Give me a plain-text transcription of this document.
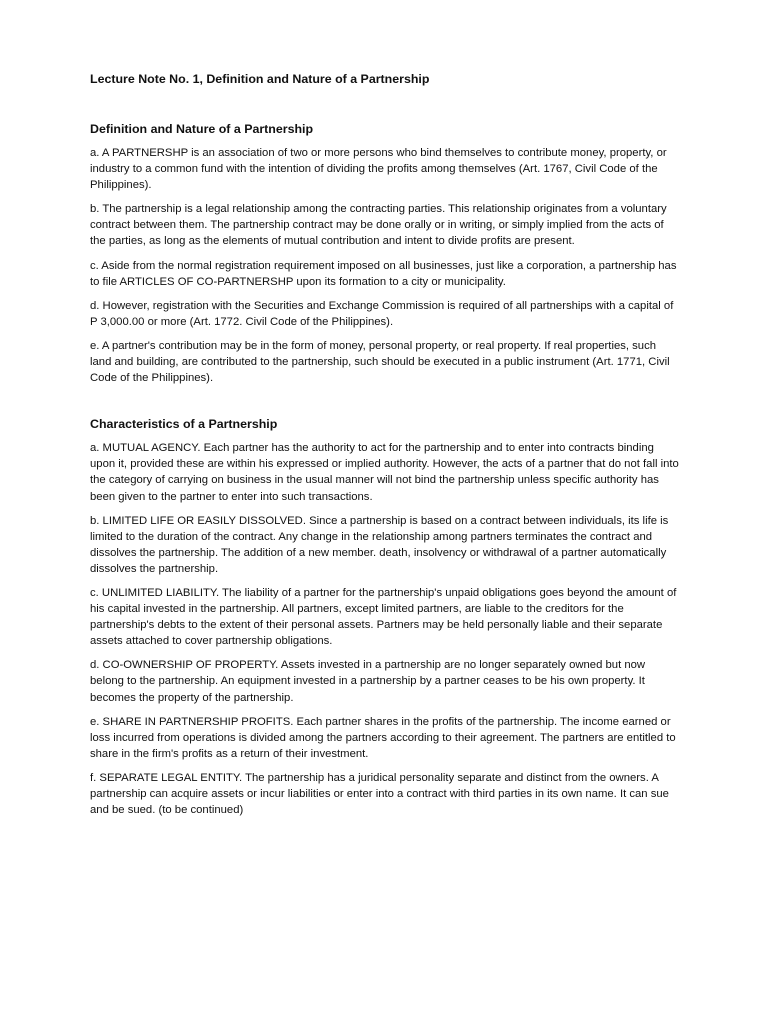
Lecture Note No. 1, Definition and Nature of a Partnership
Definition and Nature of a Partnership

a. A PARTNERSHP is an association of two or more persons who bind themselves to contribute money, property, or industry to a common fund with the intention of dividing the profits among themselves (Art. 1767, Civil Code of the Philippines).

b. The partnership is a legal relationship among the contracting parties. This relationship originates from a voluntary contract between them. The partnership contract may be done orally or in writing, or simply implied from the acts of the parties, as long as the elements of mutual contribution and intent to divide profits are present.

c. Aside from the normal registration requirement imposed on all businesses, just like a corporation, a partnership has to file ARTICLES OF CO-PARTNERSHP upon its formation to a city or municipality.

d. However, registration with the Securities and Exchange Commission is required of all partnerships with a capital of P 3,000.00 or more (Art. 1772. Civil Code of the Philippines).

e. A partner's contribution may be in the form of money, personal property, or real property. If real properties, such land and building, are contributed to the partnership, such should be executed in a public instrument (Art. 1771, Civil Code of the Philippines).

Characteristics of a Partnership

a. MUTUAL AGENCY. Each partner has the authority to act for the partnership and to enter into contracts binding upon it, provided these are within his expressed or implied authority. However, the acts of a partner that do not fall into the category of carrying on business in the usual manner will not bind the partnership unless specific authority has been given to the partner to enter into such transactions.

b. LIMITED LIFE OR EASILY DISSOLVED. Since a partnership is based on a contract between individuals, its life is limited to the duration of the contract. Any change in the relationship among partners terminates the contract and dissolves the partnership. The addition of a new member. death, insolvency or withdrawal of a partner automatically dissolves the partnership.

c. UNLIMITED LIABILITY. The liability of a partner for the partnership's unpaid obligations goes beyond the amount of his capital invested in the partnership. All partners, except limited partners, are liable to the creditors for the partnership's debts to the extent of their personal assets. Partners may be held personally liable and their separate assets attached to cover partnership obligations.

d. CO-OWNERSHIP OF PROPERTY. Assets invested in a partnership are no longer separately owned but now belong to the partnership. An equipment invested in a partnership by a partner ceases to be his own property. It becomes the property of the partnership.

e. SHARE IN PARTNERSHIP PROFITS. Each partner shares in the profits of the partnership. The income earned or loss incurred from operations is divided among the partners according to their agreement. The partners are entitled to share in the firm's profits as a return of their investment.

f. SEPARATE LEGAL ENTITY. The partnership has a juridical personality separate and distinct from the owners. A partnership can acquire assets or incur liabilities or enter into a contract with third parties in its own name. It can sue and be sued. (to be continued)
